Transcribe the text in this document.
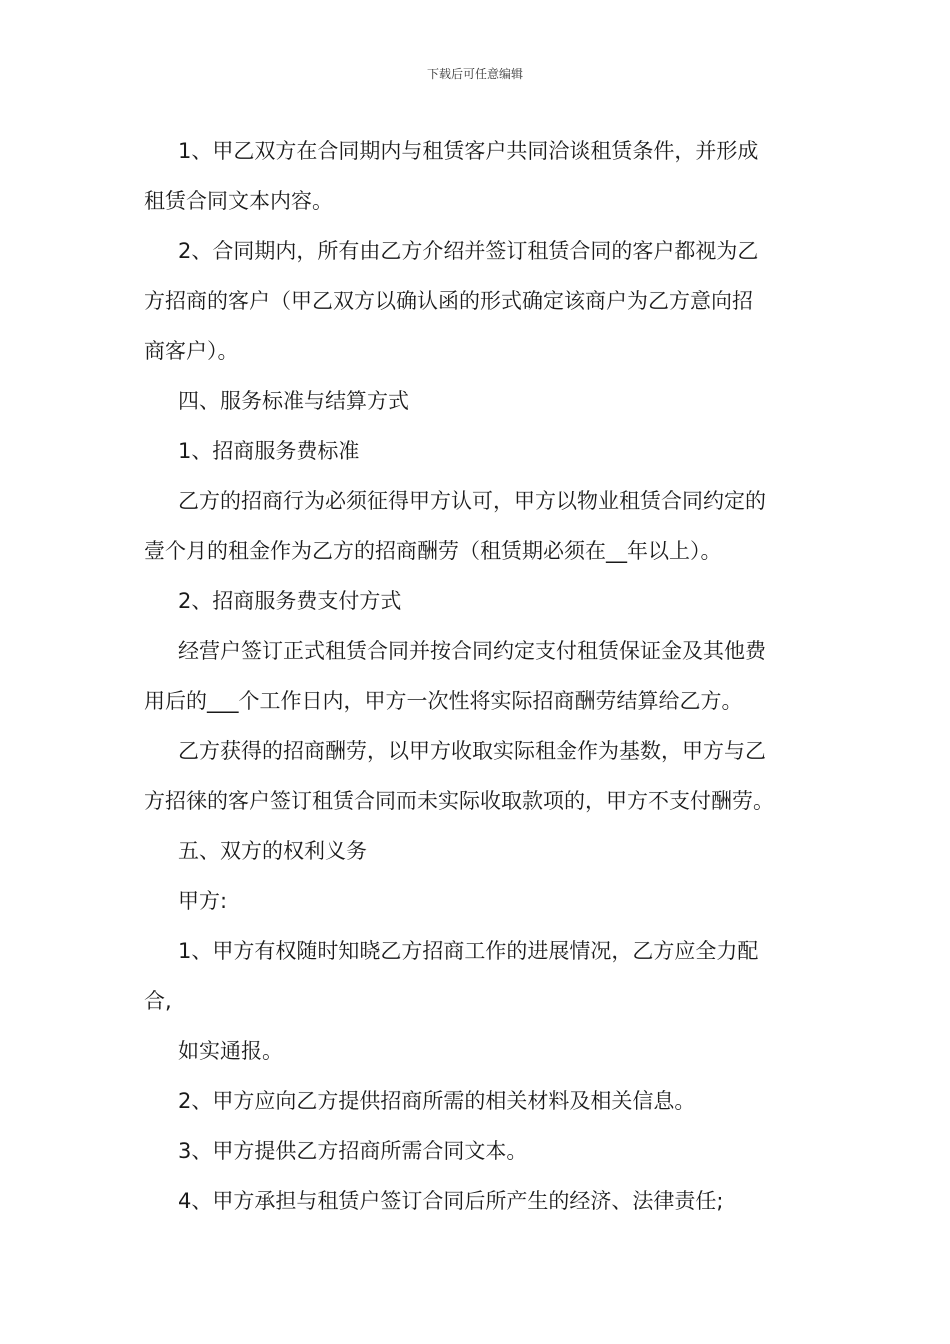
下载后可任意编辑

1、甲乙双方在合同期内与租赁客户共同洽谈租赁条件，并形成

租赁合同文本内容。

2、合同期内，所有由乙方介绍并签订租赁合同的客户都视为乙

方招商的客户（甲乙双方以确认函的形式确定该商户为乙方意向招

商客户）。

四、服务标准与结算方式

1、招商服务费标准

乙方的招商行为必须征得甲方认可，甲方以物业租赁合同约定的

壹个月的租金作为乙方的招商酬劳（租赁期必须在__年以上）。

2、招商服务费支付方式

经营户签订正式租赁合同并按合同约定支付租赁保证金及其他费

用后的___个工作日内，甲方一次性将实际招商酬劳结算给乙方。

乙方获得的招商酬劳，以甲方收取实际租金作为基数，甲方与乙

方招徕的客户签订租赁合同而未实际收取款项的，甲方不支付酬劳。

五、双方的权利义务

甲方:

1、甲方有权随时知晓乙方招商工作的进展情况，乙方应全力配

合,

如实通报。

2、甲方应向乙方提供招商所需的相关材料及相关信息。

3、甲方提供乙方招商所需合同文本。

4、甲方承担与租赁户签订合同后所产生的经济、法律责任;
